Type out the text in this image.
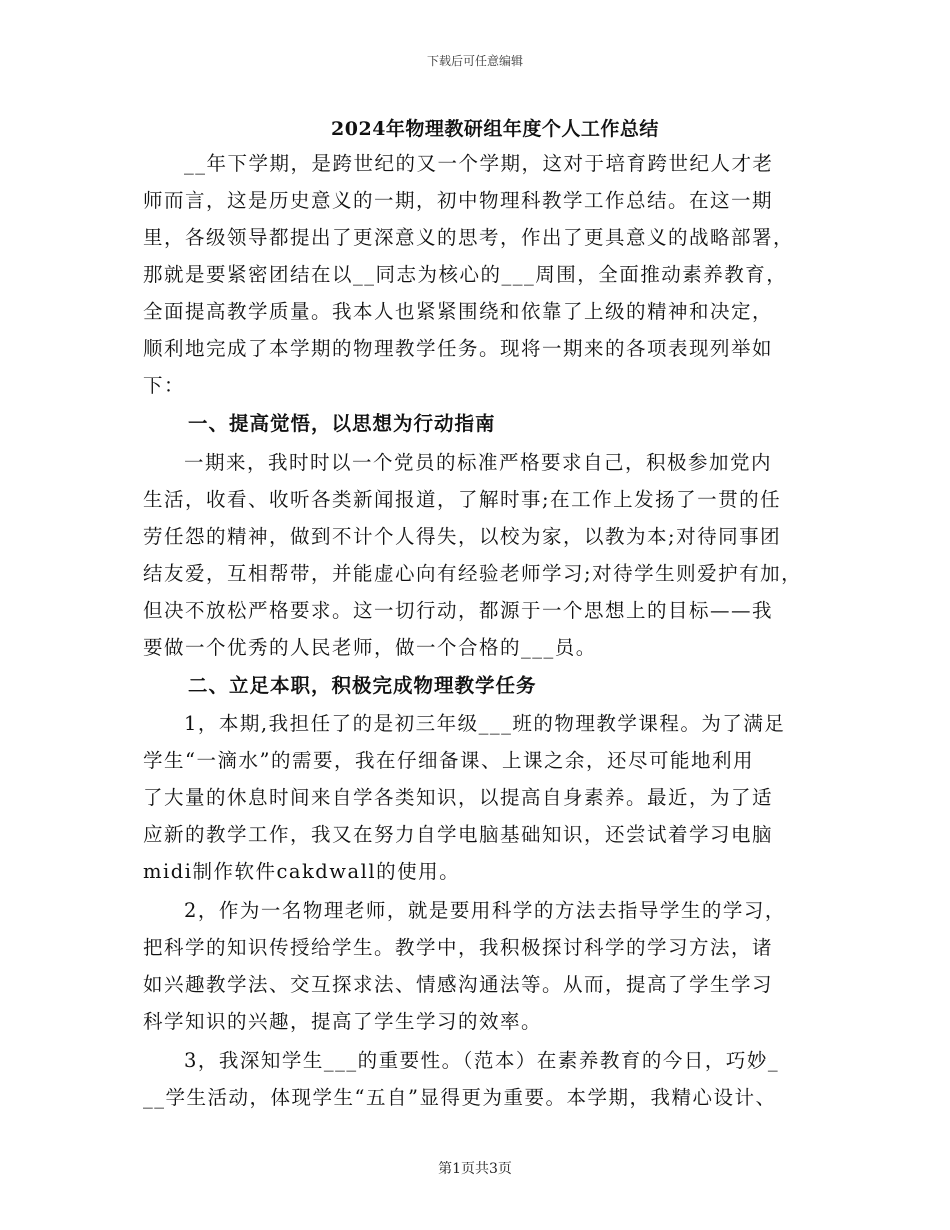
下载后可任意编辑
2024年物理教研组年度个人工作总结
__年下学期，是跨世纪的又一个学期，这对于培育跨世纪人才老
师而言，这是历史意义的一期，初中物理科教学工作总结。在这一期
里，各级领导都提出了更深意义的思考，作出了更具意义的战略部署，
那就是要紧密团结在以__同志为核心的___周围，全面推动素养教育，
全面提高教学质量。我本人也紧紧围绕和依靠了上级的精神和决定，
顺利地完成了本学期的物理教学任务。现将一期来的各项表现列举如
下：
一、提高觉悟，以思想为行动指南
一期来，我时时以一个党员的标准严格要求自己，积极参加党内
生活，收看、收听各类新闻报道，了解时事;在工作上发扬了一贯的任
劳任怨的精神，做到不计个人得失，以校为家，以教为本;对待同事团
结友爱，互相帮带，并能虚心向有经验老师学习;对待学生则爱护有加，
但决不放松严格要求。这一切行动，都源于一个思想上的目标——我
要做一个优秀的人民老师，做一个合格的___员。
二、立足本职，积极完成物理教学任务
1，本期,我担任了的是初三年级___班的物理教学课程。为了满足
学生“一滴水”的需要，我在仔细备课、上课之余，还尽可能地利用
了大量的休息时间来自学各类知识，以提高自身素养。最近，为了适
应新的教学工作，我又在努力自学电脑基础知识，还尝试着学习电脑
midi制作软件cakdwall的使用。
2，作为一名物理老师，就是要用科学的方法去指导学生的学习，
把科学的知识传授给学生。教学中，我积极探讨科学的学习方法，诸
如兴趣教学法、交互探求法、情感沟通法等。从而，提高了学生学习
科学知识的兴趣，提高了学生学习的效率。
3，我深知学生___的重要性。（范本）在素养教育的今日，巧妙_
__学生活动，体现学生“五自”显得更为重要。本学期，我精心设计、
第1页共3页
